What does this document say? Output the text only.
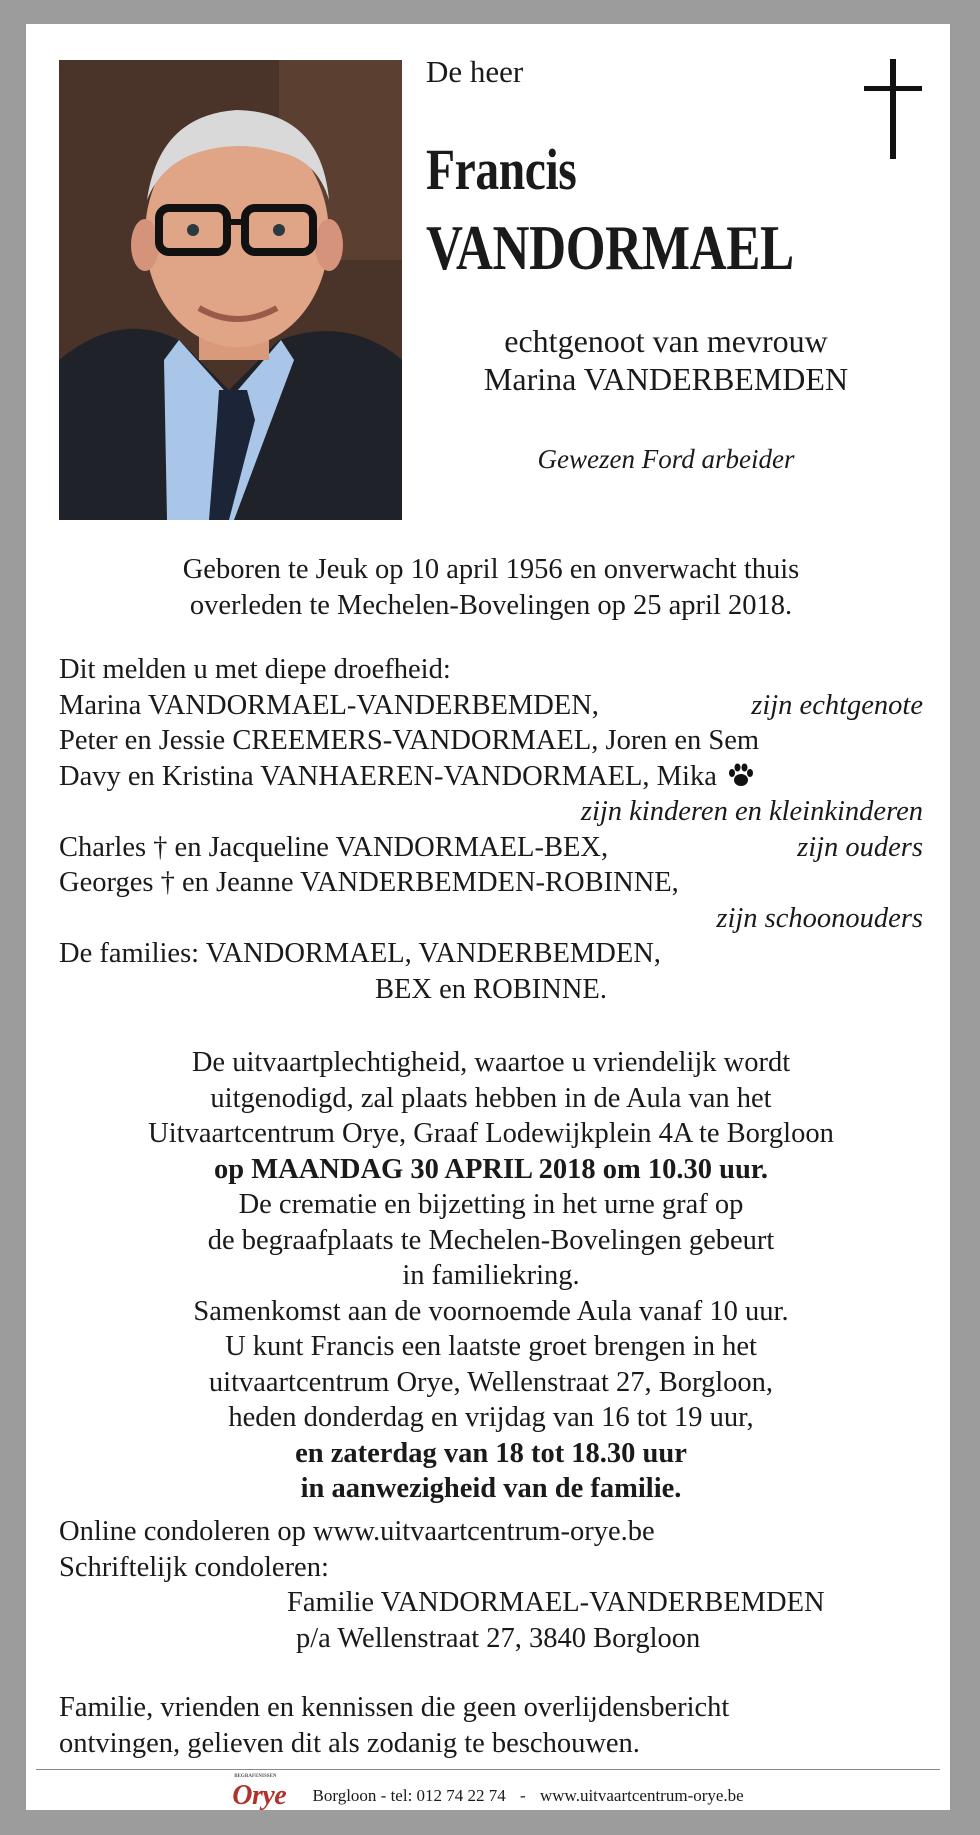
De heer
Francis
VANDORMAEL
echtgenoot van mevrouw
Marina VANDERBEMDEN
Gewezen Ford arbeider
Geboren te Jeuk op 10 april 1956 en onverwacht thuis
overleden te Mechelen-Bovelingen op 25 april 2018.
Dit melden u met diepe droefheid:
Marina VANDORMAEL-VANDERBEMDEN,	zijn echtgenote
Peter en Jessie CREEMERS-VANDORMAEL, Joren en Sem
Davy en Kristina VANHAEREN-VANDORMAEL, Mika
zijn kinderen en kleinkinderen
Charles † en Jacqueline VANDORMAEL-BEX,	zijn ouders
Georges † en Jeanne VANDERBEMDEN-ROBINNE,
zijn schoonouders
De families: VANDORMAEL, VANDERBEMDEN,
BEX en ROBINNE.
De uitvaartplechtigheid, waartoe u vriendelijk wordt
uitgenodigd, zal plaats hebben in de Aula van het
Uitvaartcentrum Orye, Graaf Lodewijkplein 4A te Borgloon
op MAANDAG 30 APRIL 2018 om 10.30 uur.
De crematie en bijzetting in het urne graf op
de begraafplaats te Mechelen-Bovelingen gebeurt
in familiekring.
Samenkomst aan de voornoemde Aula vanaf 10 uur.
U kunt Francis een laatste groet brengen in het
uitvaartcentrum Orye, Wellenstraat 27, Borgloon,
heden donderdag en vrijdag van 16 tot 19 uur,
en zaterdag van 18 tot 18.30 uur
in aanwezigheid van de familie.
Online condoleren op www.uitvaartcentrum-orye.be
Schriftelijk condoleren:
Familie VANDORMAEL-VANDERBEMDEN
p/a Wellenstraat 27, 3840 Borgloon
Familie, vrienden en kennissen die geen overlijdensbericht
ontvingen, gelieven dit als zodanig te beschouwen.
BEGRAFENISSEN
Orye Borgloon - tel: 012 74 22 74 - www.uitvaartcentrum-orye.be
